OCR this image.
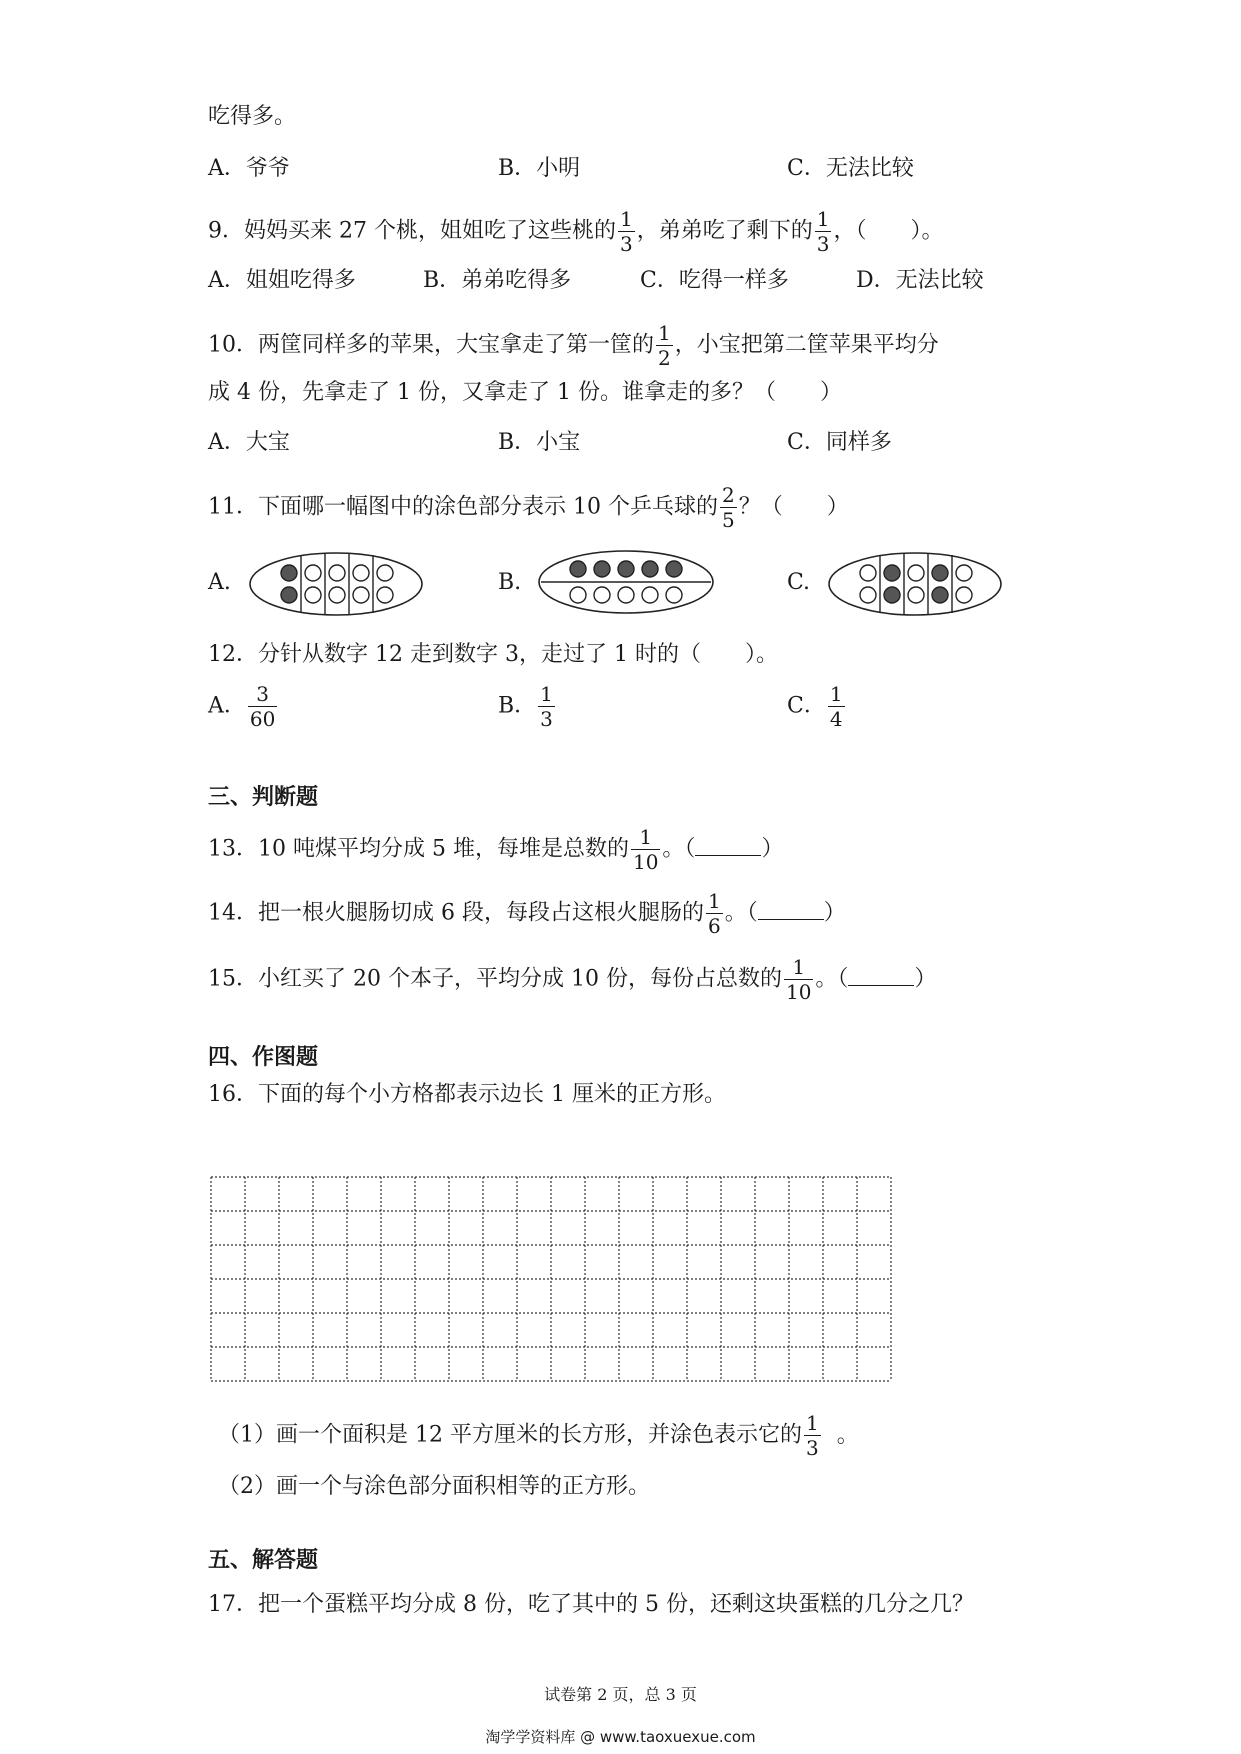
吃得多。
A．爷爷	B．小明	C．无法比较
9．妈妈买来 27 个桃，姐姐吃了这些桃的 $\frac{1}{3}$ ，弟弟吃了剩下的 $\frac{1}{3}$ ，（　　）。
A．姐姐吃得多	B．弟弟吃得多	C．吃得一样多	D．无法比较
10．两筐同样多的苹果，大宝拿走了第一筐的 $\frac{1}{2}$ ，小宝把第二筐苹果平均分
成 4 份，先拿走了 1 份，又拿走了 1 份。谁拿走的多？（　　）
A．大宝	B．小宝	C．同样多
11．下面哪一幅图中的涂色部分表示 10 个乒乓球的 $\frac{2}{5}$ ？（　　）
A.	B.	C.
12．分针从数字 12 走到数字 3，走过了 1 时的（　　）。
A． $\frac{3}{60}$	B． $\frac{1}{3}$	C． $\frac{1}{4}$
三、判断题
13．10 吨煤平均分成 5 堆，每堆是总数的 $\frac{1}{10}$ 。（	）
14．把一根火腿肠切成 6 段，每段占这根火腿肠的 $\frac{1}{6}$ 。（	）
15．小红买了 20 个本子，平均分成 10 份，每份占总数的 $\frac{1}{10}$ 。（	）
四、作图题
16．下面的每个小方格都表示边长 1 厘米的正方形。
（1）画一个面积是 12 平方厘米的长方形，并涂色表示它的 $\frac{1}{3}$ 。
（2）画一个与涂色部分面积相等的正方形。
五、解答题
17．把一个蛋糕平均分成 8 份，吃了其中的 5 份，还剩这块蛋糕的几分之几？
试卷第 2 页，总 3 页
淘学学资料库 @ www.taoxuexue.com
